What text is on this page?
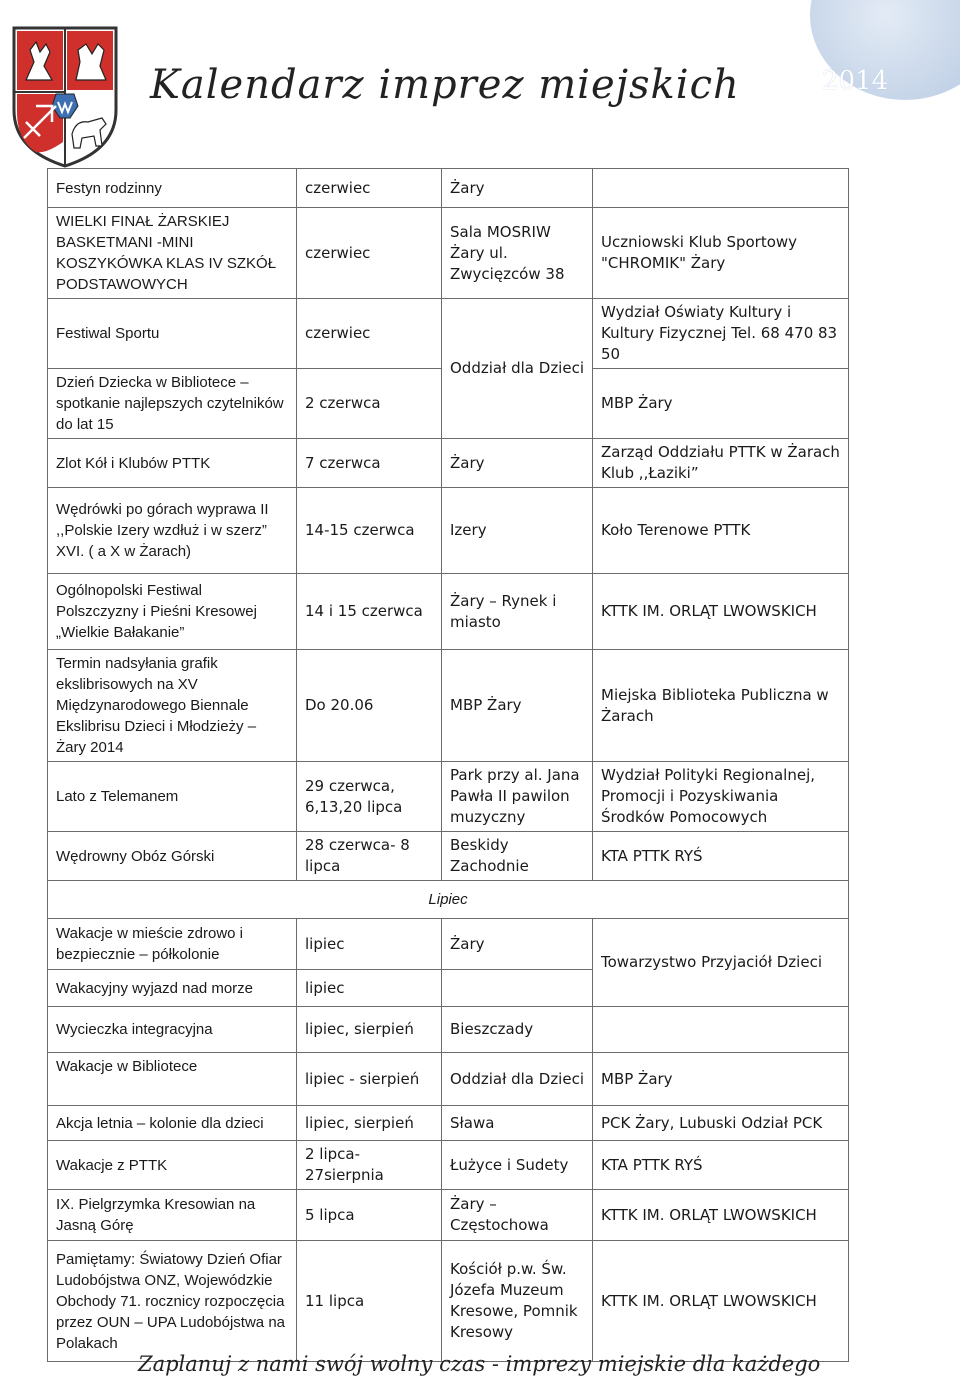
8
2014
Kalendarz imprez miejskich
Festyn rodzinny	czerwiec	Żary	
WIELKI FINAŁ ŻARSKIEJ BASKETMANI -MINI KOSZYKÓWKA KLAS IV SZKÓŁ PODSTAWOWYCH	czerwiec	Sala MOSRIW Żary ul. Zwycięzców 38	Uczniowski Klub Sportowy "CHROMIK" Żary
Festiwal Sportu	czerwiec	Oddział dla Dzieci	Wydział Oświaty Kultury i Kultury Fizycznej Tel. 68 470 83 50
Dzień Dziecka w Bibliotece – spotkanie najlepszych czytelników do lat 15	2 czerwca		MBP Żary
Zlot Kół i Klubów PTTK	7 czerwca	Żary	Zarząd Oddziału PTTK w Żarach Klub ,,Łaziki”
Wędrówki po górach wyprawa II ,,Polskie Izery wzdłuż i w szerz” XVI. ( a X w Żarach)	14-15 czerwca	Izery	Koło Terenowe PTTK
Ogólnopolski Festiwal Polszczyzny i Pieśni Kresowej „Wielkie Bałakanie”	14 i 15 czerwca	Żary – Rynek i miasto	KTTK IM. ORLĄT LWOWSKICH
Termin nadsyłania grafik ekslibrisowych na XV Międzynarodowego Biennale Ekslibrisu Dzieci i Młodzieży – Żary 2014	Do 20.06	MBP Żary	Miejska Biblioteka Publiczna w Żarach
Lato z Telemanem	29 czerwca, 6,13,20 lipca	Park przy al. Jana Pawła II pawilon muzyczny	Wydział Polityki Regionalnej, Promocji i Pozyskiwania Środków Pomocowych
Wędrowny Obóz Górski	28 czerwca- 8 lipca	Beskidy Zachodnie	KTA PTTK RYŚ
Lipiec			
Wakacje w mieście zdrowo i bezpiecznie – półkolonie	lipiec	Żary	Towarzystwo Przyjaciół Dzieci
Wakacyjny wyjazd nad morze	lipiec		
Wycieczka integracyjna	lipiec, sierpień	Bieszczady	
Wakacje w Bibliotece	lipiec - sierpień	Oddział dla Dzieci	MBP Żary
Akcja letnia – kolonie dla dzieci	lipiec, sierpień	Sława	PCK Żary, Lubuski Odział PCK
Wakacje z PTTK	2 lipca- 27sierpnia	Łużyce i Sudety	KTA PTTK RYŚ
IX. Pielgrzymka Kresowian na Jasną Górę	5 lipca	Żary – Częstochowa	KTTK IM. ORLĄT LWOWSKICH
Pamiętamy: Światowy Dzień Ofiar Ludobójstwa ONZ, Wojewódzkie Obchody 71. rocznicy rozpoczęcia przez OUN – UPA Ludobójstwa na Polakach	11 lipca	Kościół p.w. Św. Józefa Muzeum Kresowe, Pomnik Kresowy	KTTK IM. ORLĄT LWOWSKICH
Zaplanuj z nami swój wolny czas - imprezy miejskie dla każdego
